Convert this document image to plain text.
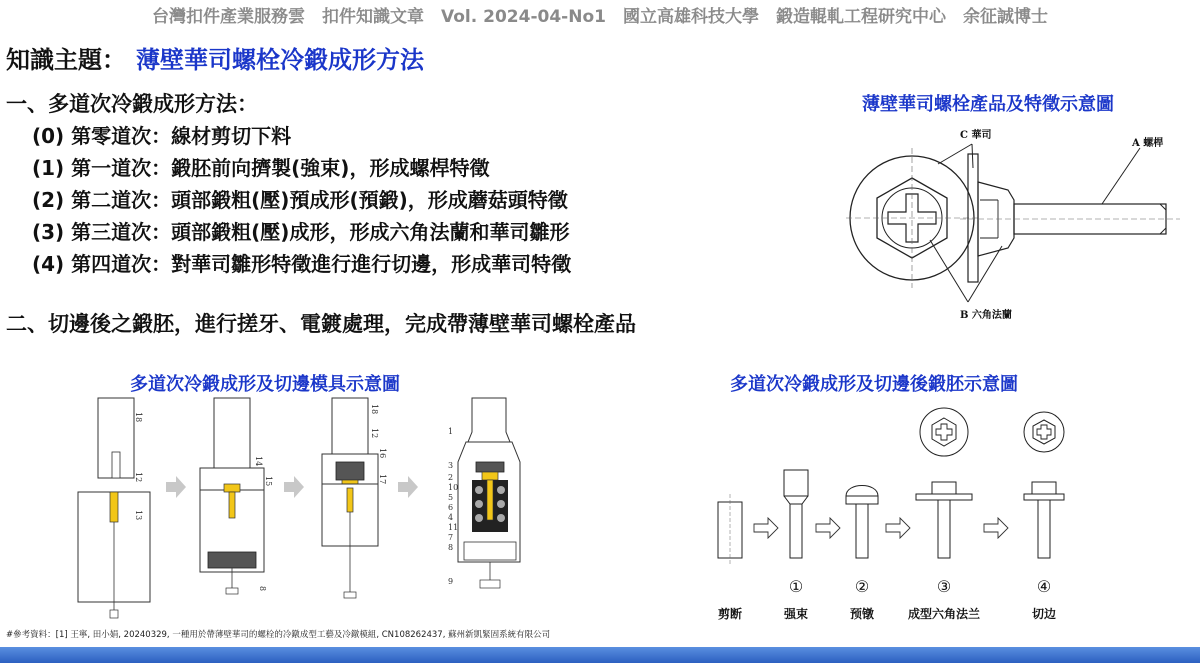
台灣扣件產業服務雲　扣件知識文章　Vol. 2024-04-No1　國立高雄科技大學　鍛造輥軋工程研究中心　余征誠博士
知識主題： 薄壁華司螺栓冷鍛成形方法
一、多道次冷鍛成形方法：
(0) 第零道次：線材剪切下料
(1) 第一道次：鍛胚前向擠製(強束)，形成螺桿特徵
(2) 第二道次：頭部鍛粗(壓)預成形(預鍛)，形成蘑菇頭特徵
(3) 第三道次：頭部鍛粗(壓)成形，形成六角法蘭和華司雛形
(4) 第四道次：對華司雛形特徵進行進行切邊，形成華司特徵
二、切邊後之鍛胚，進行搓牙、電鍍處理，完成帶薄壁華司螺栓產品
薄壁華司螺栓產品及特徵示意圖
C 華司
A 螺桿
B 六角法蘭
多道次冷鍛成形及切邊模具示意圖
18
12
13
14
15
8
18
12
16
17
1
3
2
10
5
6
4
11
7
8
9
多道次冷鍛成形及切邊後鍛胚示意圖
①	②	③	④
剪断	强束	预镦	成型六角法兰	切边
#參考資料：[1] 王寧, 田小娟, 20240329, 一種用於帶薄壁華司的螺栓的冷鐓成型工藝及冷鐓模組, CN108262437, 蘇州新凱緊固系統有限公司
